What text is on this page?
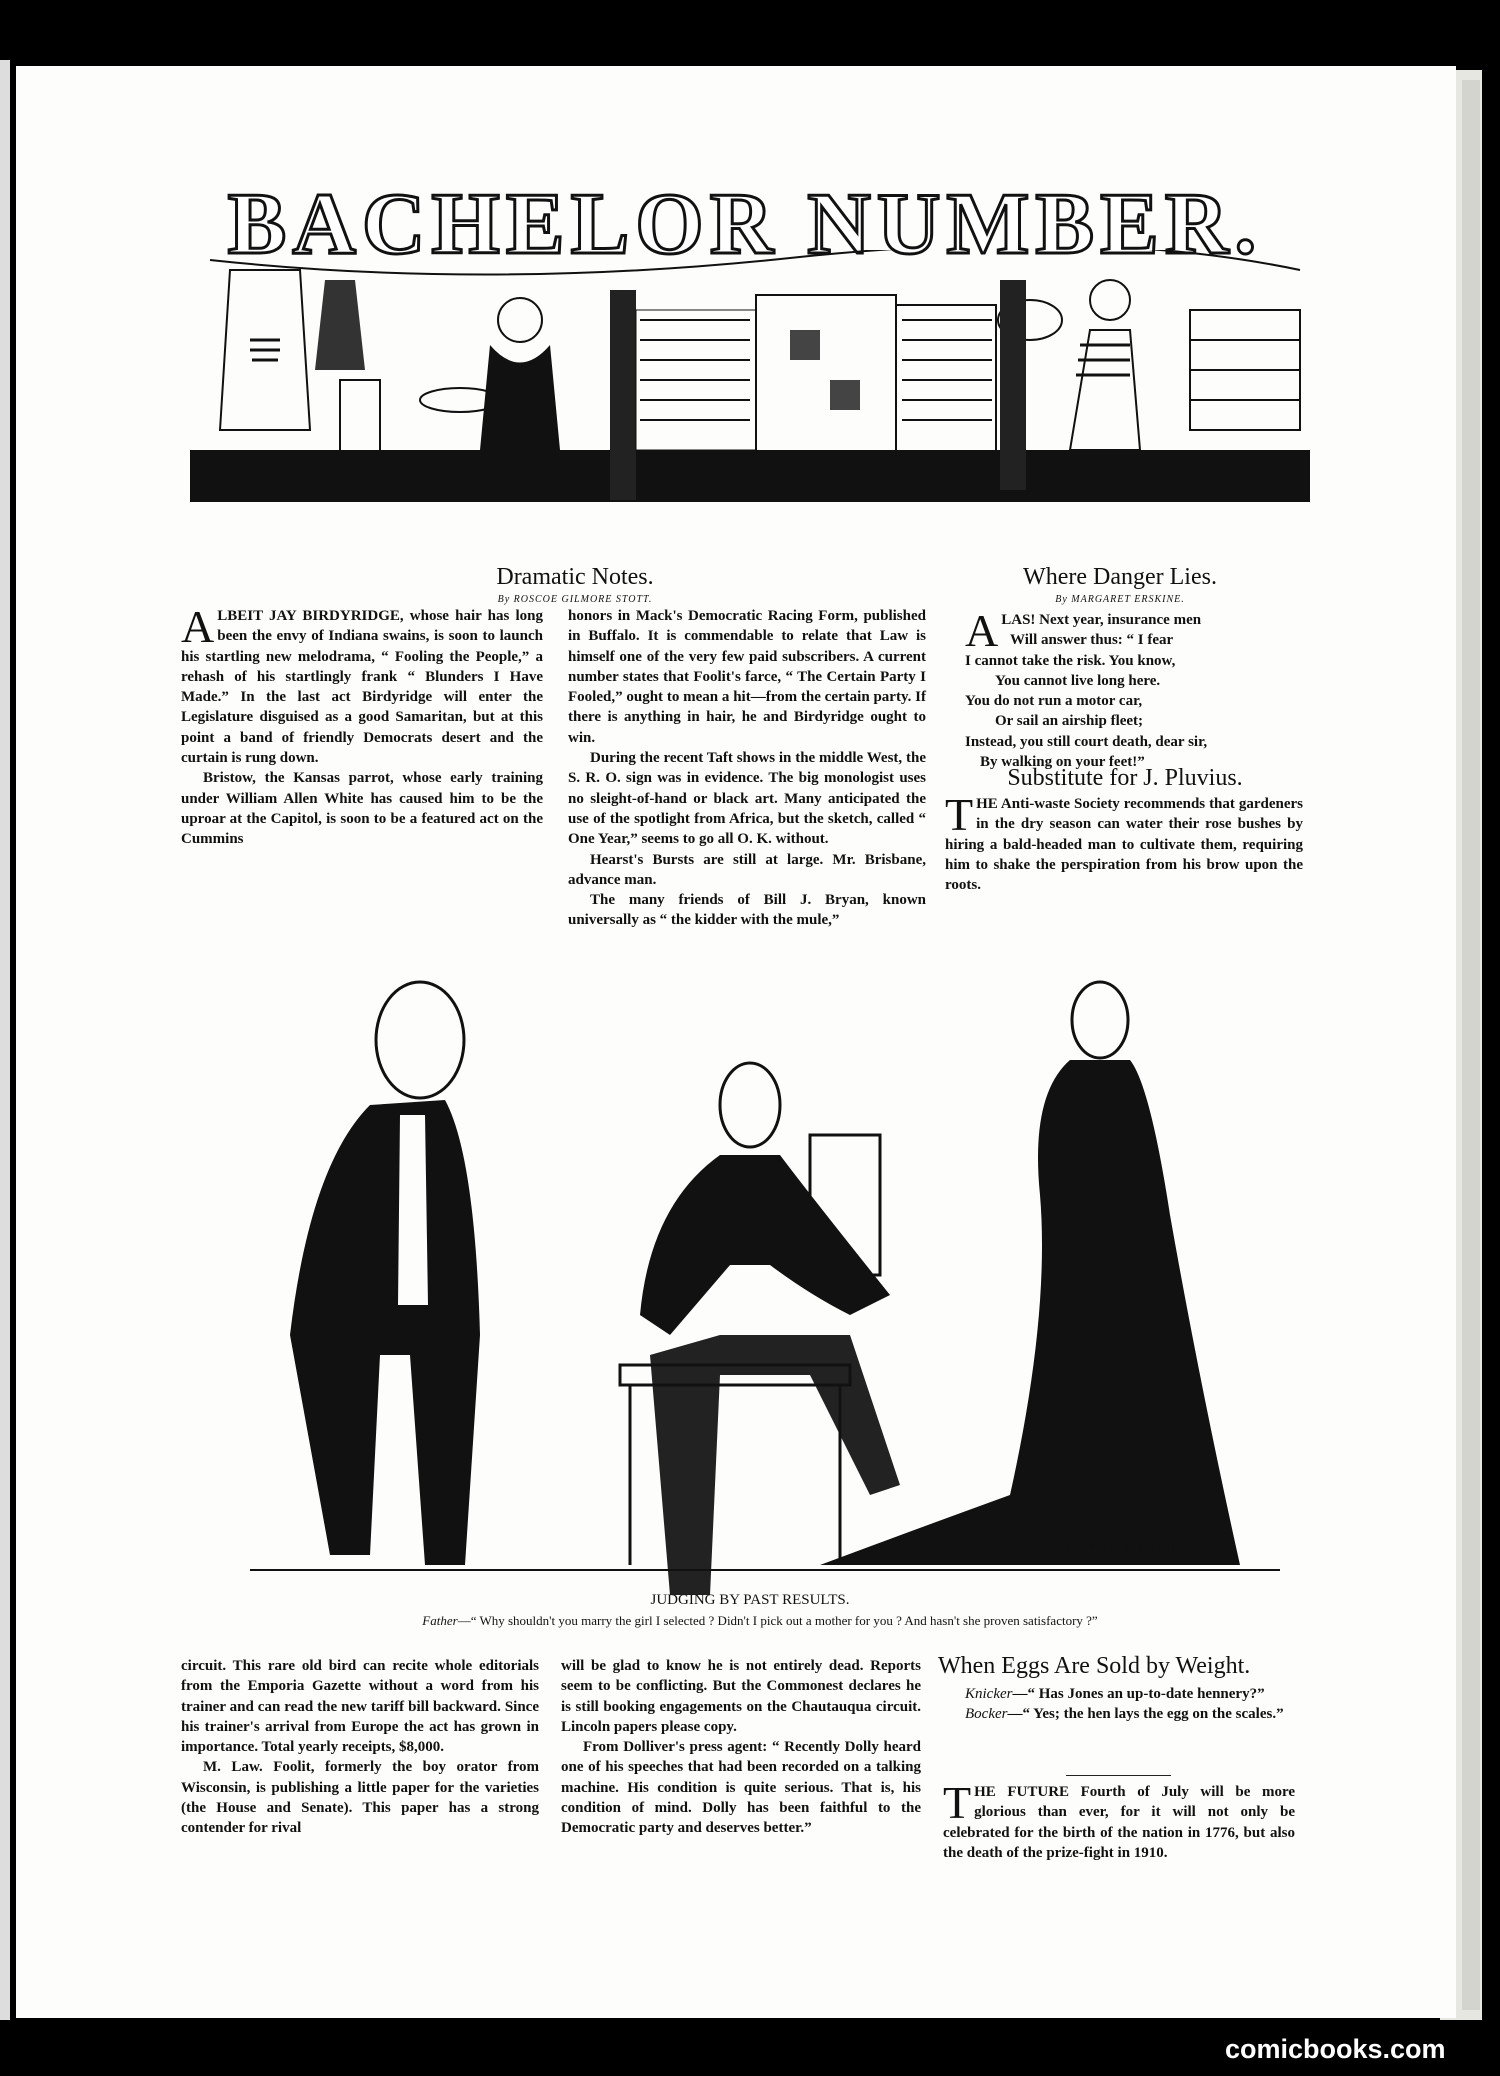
BACHELOR NUMBER.
Dramatic Notes.
By ROSCOE GILMORE STOTT.

ALBEIT JAY BIRDYRIDGE, whose hair has long been the envy of Indiana swains, is soon to launch his startling new melodrama, “ Fooling the People,” a rehash of his startlingly frank “ Blunders I Have Made.” In the last act Birdyridge will enter the Legislature disguised as a good Samaritan, but at this point a band of friendly Democrats desert and the curtain is rung down.

Bristow, the Kansas parrot, whose early training under William Allen White has caused him to be the uproar at the Capitol, is soon to be a featured act on the Cummins

honors in Mack's Democratic Racing Form, published in Buffalo. It is commendable to relate that Law is himself one of the very few paid subscribers. A current number states that Foolit's farce, “ The Certain Party I Fooled,” ought to mean a hit—from the certain party. If there is anything in hair, he and Birdyridge ought to win.

During the recent Taft shows in the middle West, the S. R. O. sign was in evidence. The big monologist uses no sleight-of-hand or black art. Many anticipated the use of the spotlight from Africa, but the sketch, called “ One Year,” seems to go all O. K. without.

Hearst's Bursts are still at large. Mr. Brisbane, advance man.

The many friends of Bill J. Bryan, known universally as “ the kidder with the mule,”

Where Danger Lies.
By MARGARET ERSKINE.
A LAS! Next year, insurance men
Will answer thus: “ I fear
I cannot take the risk. You know,
You cannot live long here.
You do not run a motor car,
Or sail an airship fleet;
Instead, you still court death, dear sir,
By walking on your feet!”
Substitute for J. Pluvius.

THE Anti-waste Society recommends that gardeners in the dry season can water their rose bushes by hiring a bald-headed man to cultivate them, requiring him to shake the perspiration from his brow upon the roots.

OTTO LANG
JUDGING BY PAST RESULTS.
Father—“ Why shouldn't you marry the girl I selected ? Didn't I pick out a mother for you ? And hasn't she proven satisfactory ?”

circuit. This rare old bird can recite whole editorials from the Emporia Gazette without a word from his trainer and can read the new tariff bill backward. Since his trainer's arrival from Europe the act has grown in importance. Total yearly receipts, $8,000.

M. Law. Foolit, formerly the boy orator from Wisconsin, is publishing a little paper for the varieties (the House and Senate). This paper has a strong contender for rival

will be glad to know he is not entirely dead. Reports seem to be conflicting. But the Commonest declares he is still booking engagements on the Chautauqua circuit. Lincoln papers please copy.

From Dolliver's press agent: “ Recently Dolly heard one of his speeches that had been recorded on a talking machine. His condition is quite serious. That is, his condition of mind. Dolly has been faithful to the Democratic party and deserves better.”

When Eggs Are Sold by Weight.

Knicker—“ Has Jones an up-to-date hennery?”

Bocker—“ Yes; the hen lays the egg on the scales.”

THE FUTURE Fourth of July will be more glorious than ever, for it will not only be celebrated for the birth of the nation in 1776, but also the death of the prize-fight in 1910.

comicbooks.com
